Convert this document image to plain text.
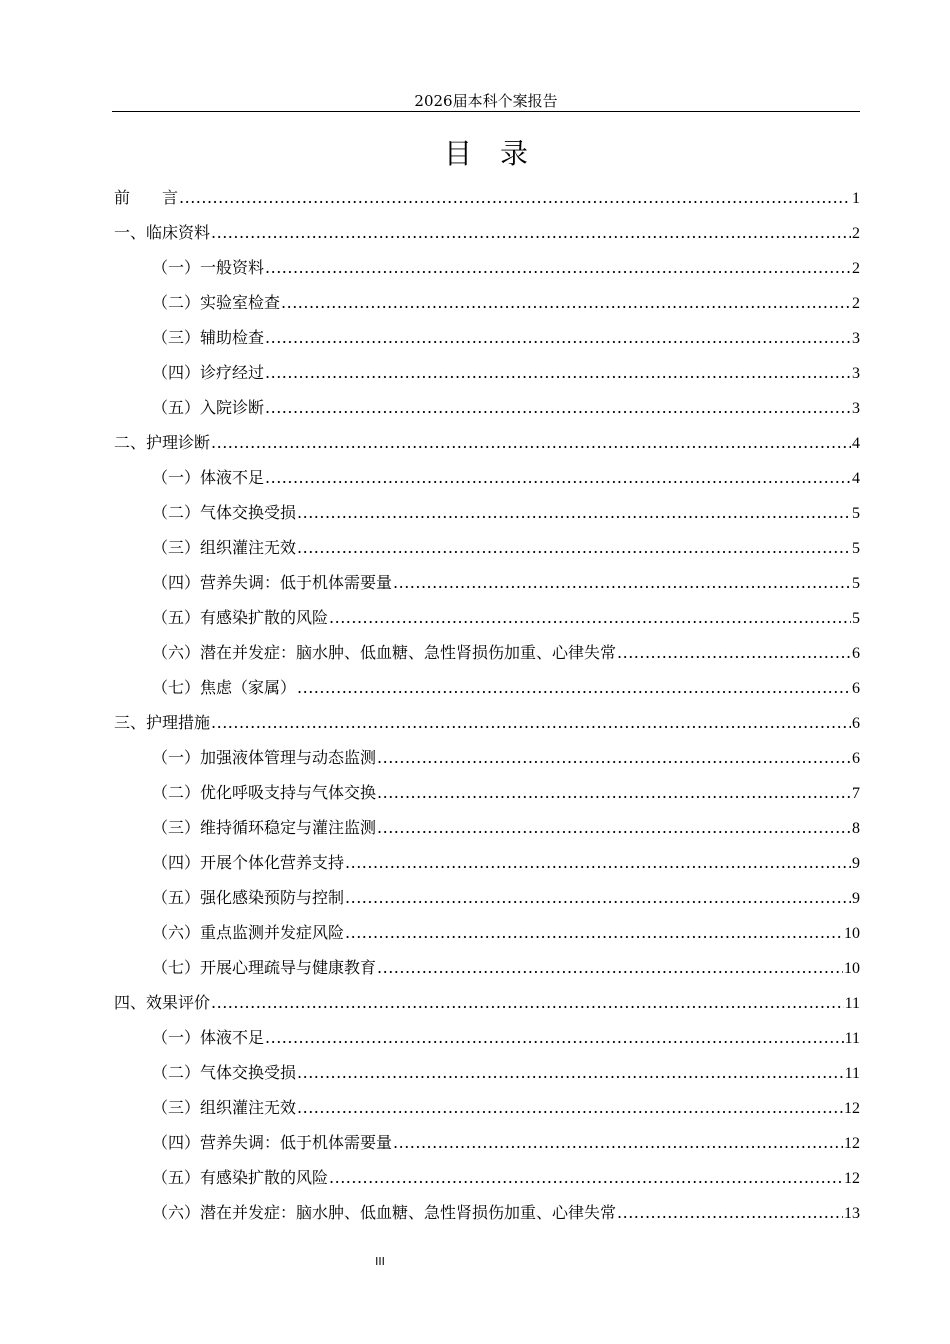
2026届本科个案报告
目　录
前　　言 .....	1
一、临床资料 .....	2
（一）一般资料 .....	2
（二）实验室检查 .....	2
（三）辅助检查 .....	3
（四）诊疗经过 .....	3
（五）入院诊断 .....	3
二、护理诊断 .....	4
（一）体液不足 .....	4
（二）气体交换受损 .....	5
（三）组织灌注无效 .....	5
（四）营养失调：低于机体需要量 .....	5
（五）有感染扩散的风险 .....	5
（六）潜在并发症：脑水肿、低血糖、急性肾损伤加重、心律失常 .....	6
（七）焦虑（家属） .....	6
三、护理措施 .....	6
（一）加强液体管理与动态监测 .....	6
（二）优化呼吸支持与气体交换 .....	7
（三）维持循环稳定与灌注监测 .....	8
（四）开展个体化营养支持 .....	9
（五）强化感染预防与控制 .....	9
（六）重点监测并发症风险 .....	10
（七）开展心理疏导与健康教育 .....	10
四、效果评价 .....	11
（一）体液不足 .....	11
（二）气体交换受损 .....	11
（三）组织灌注无效 .....	12
（四）营养失调：低于机体需要量 .....	12
（五）有感染扩散的风险 .....	12
（六）潜在并发症：脑水肿、低血糖、急性肾损伤加重、心律失常 .....	13
III
